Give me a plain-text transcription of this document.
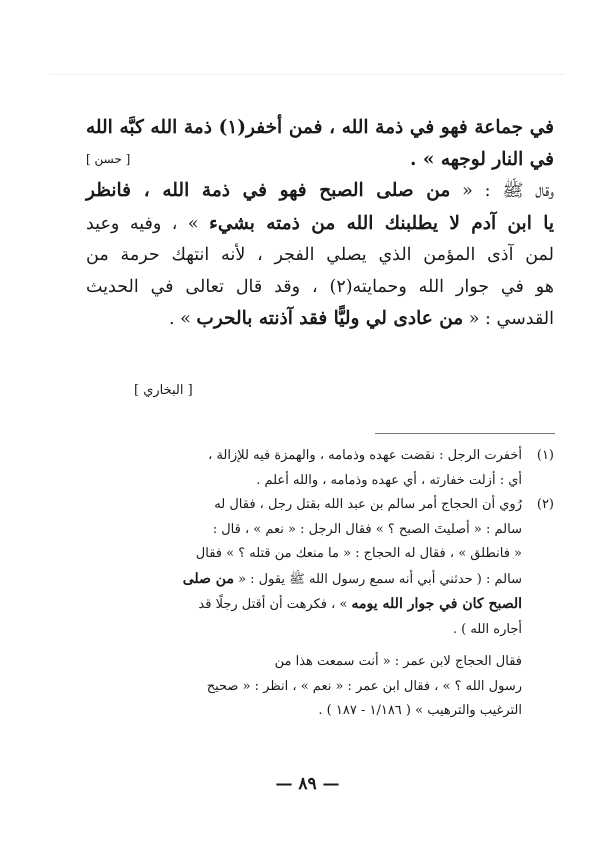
في جماعة فهو في ذمة الله ، فمن أخفر(١) ذمة الله كبَّه الله
في النار لوجهه » .
[ حسن ]
وقال ﷺ : « من صلى الصبح فهو في ذمة الله ، فانظر
يا ابن آدم لا يطلبنك الله من ذمته بشيء » ، وفيه وعيد
لمن آذى المؤمن الذي يصلي الفجر ، لأنه انتهك حرمة من
هو في جوار الله وحمايته(٢) ، وقد قال تعالى في الحديث
القدسي : « من عادى لي وليًّا فقد آذنته بالحرب » .
[ البخاري ]
(١)أخفرت الرجل : نقضت عهده وذمامه ، والهمزة فيه للإزالة ،
أي : أزلت خفارته ، أي عهده وذمامه ، والله أعلم .
(٢)رُوي أن الحجاج أمر سالم بن عبد الله بقتل رجل ، فقال له
سالم : « أصليتَ الصبح ؟ » فقال الرجل : « نعم » ، قال :
« فانطلق » ، فقال له الحجاج : « ما منعك من قتله ؟ » فقال
سالم : ( حدثني أبي أنه سمع رسول الله ﷺ يقول : « من صلى
الصبح كان في جوار الله يومه » ، فكرهت أن أقتل رجلًا قد
أجاره الله ) .
فقال الحجاج لابن عمر : « أنت سمعت هذا من
رسول الله ؟ » ، فقال ابن عمر : « نعم » ، انظر : « صحيح
الترغيب والترهيب » ( ١/١٨٦ - ١٨٧ ) .
— ٨٩ —
